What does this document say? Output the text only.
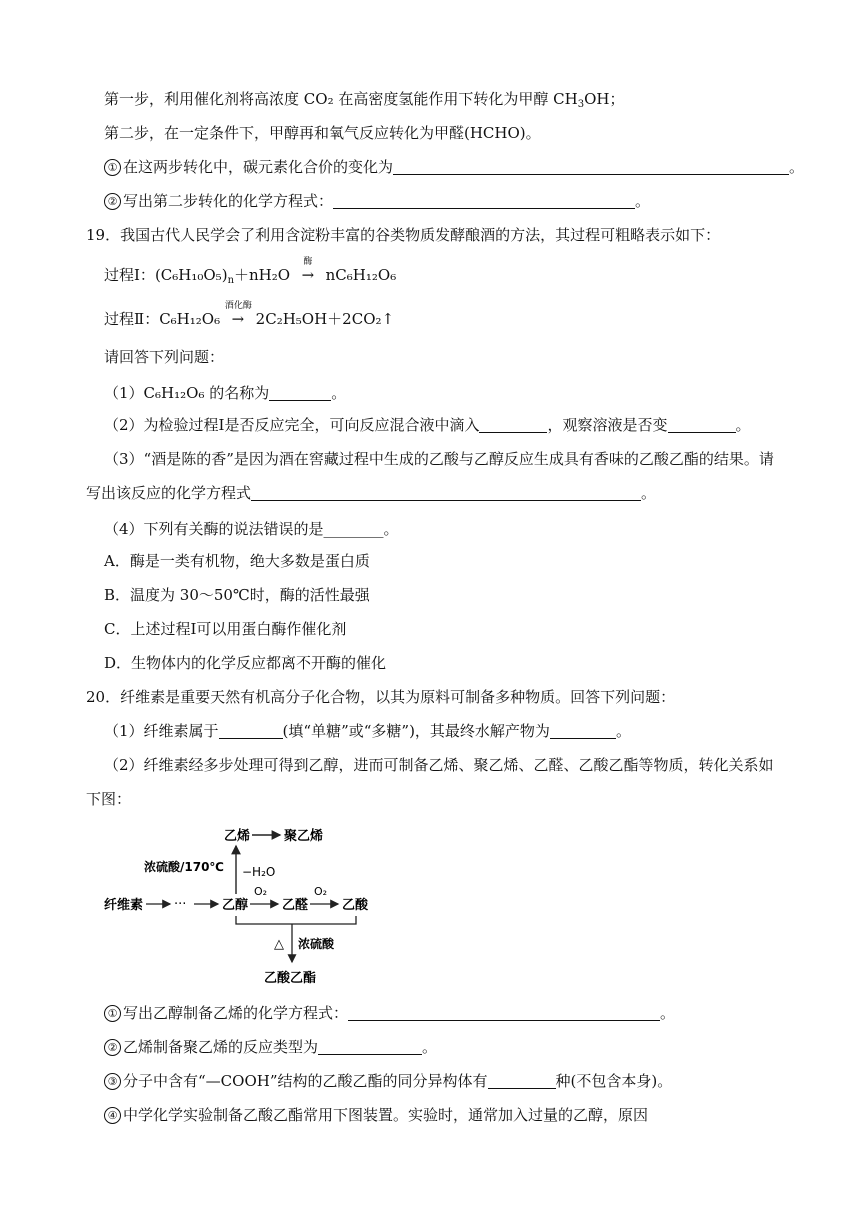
第一步，利用催化剂将高浓度 CO₂ 在高密度氢能作用下转化为甲醇 $CH_3OH$；
第二步，在一定条件下，甲醇再和氧气反应转化为甲醛(HCHO)。
① 在这两步转化中，碳元素化合价的变化为	。
② 写出第二步转化的化学方程式：	。
19．我国古代人民学会了利用含淀粉丰富的谷类物质发酵酿酒的方法，其过程可粗略表示如下：
过程Ⅰ：$(C_6H_{10}O_5)_n+nH_2O$
酶
→ nC₆H₁₂O₆
过程Ⅱ：C₆H₁₂O₆
酒化酶
→ 2C₂H₅OH＋2CO₂↑
请回答下列问题：
（1）C₆H₁₂O₆ 的名称为	。
（2）为检验过程Ⅰ是否反应完全，可向反应混合液中滴入	，观察溶液是否变	。
（3）“酒是陈的香”是因为酒在窖藏过程中生成的乙酸与乙醇反应生成具有香味的乙酸乙酯的结果。请
写出该反应的化学方程式	。
（4）下列有关酶的说法错误的是________。
A．酶是一类有机物，绝大多数是蛋白质
B．温度为 30～50℃时，酶的活性最强
C．上述过程Ⅰ可以用蛋白酶作催化剂
D．生物体内的化学反应都离不开酶的催化
20．纤维素是重要天然有机高分子化合物，以其为原料可制备多种物质。回答下列问题：
（1）纤维素属于	(填“单糖”或“多糖”)，其最终水解产物为	。
（2）纤维素经多步处理可得到乙醇，进而可制备乙烯、聚乙烯、乙醛、乙酸乙酯等物质，转化关系如
下图：
乙烯	聚乙烯
浓硫酸/170℃ −H₂O
纤维素 ···	乙醇
O₂
乙醛
O₂
乙酸
△ 浓硫酸
乙酸乙酯
① 写出乙醇制备乙烯的化学方程式：	。
② 乙烯制备聚乙烯的反应类型为	。
③ 分子中含有“—COOH”结构的乙酸乙酯的同分异构体有	种(不包含本身)。
④ 中学化学实验制备乙酸乙酯常用下图装置。实验时，通常加入过量的乙醇，原因
